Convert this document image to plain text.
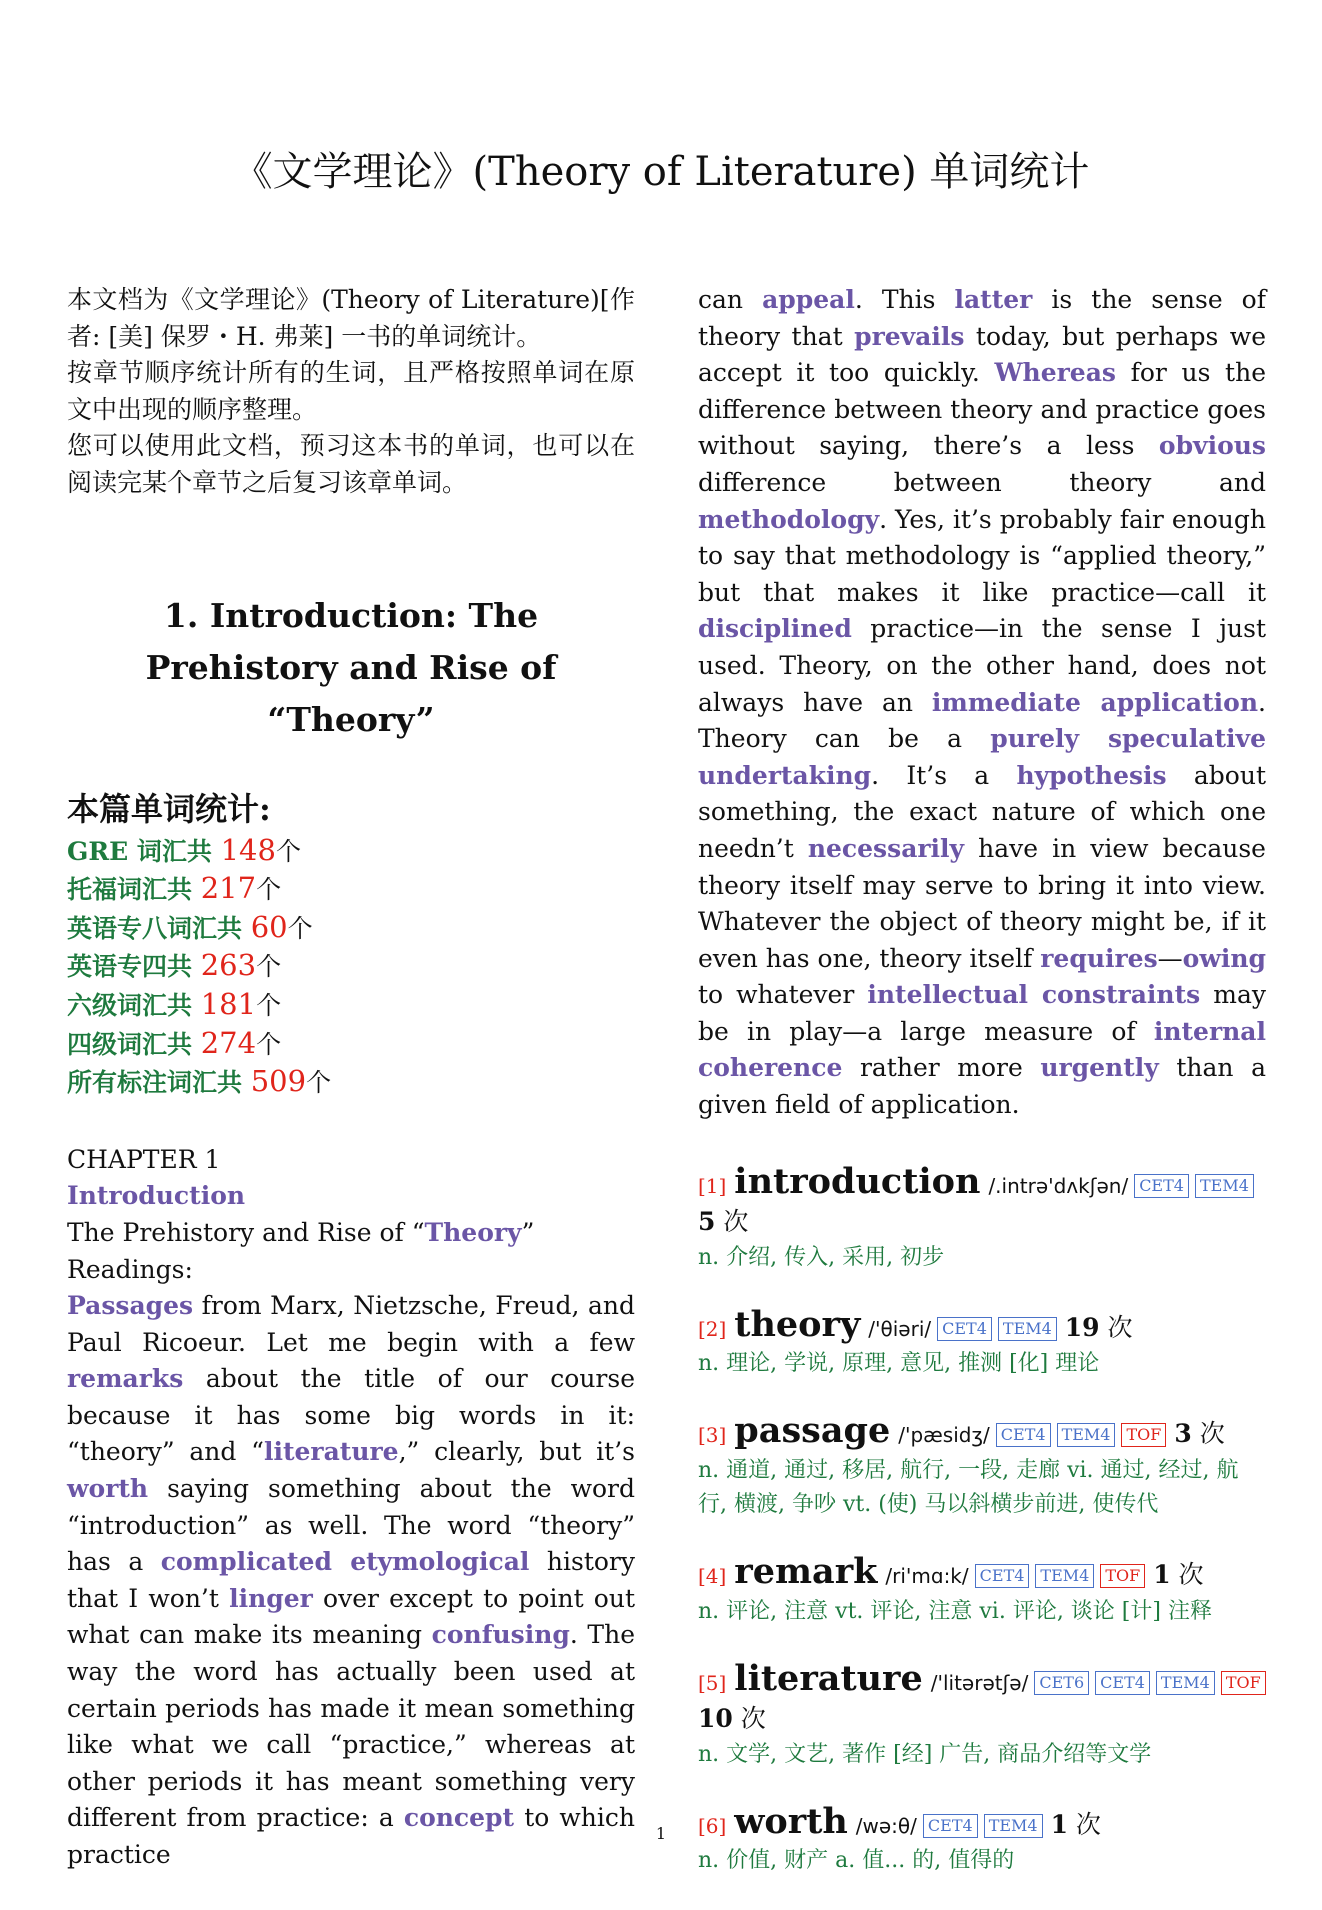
《文学理论》(Theory of Literature) 单词统计

本文档为《文学理论》(Theory of Literature)[作者: [美] 保罗・H. 弗莱] 一书的单词统计。

按章节顺序统计所有的生词，且严格按照单词在原文中出现的顺序整理。

您可以使用此文档，预习这本书的单词，也可以在阅读完某个章节之后复习该章单词。

1. Introduction: The Prehistory and Rise of “Theory”
本篇单词统计:
GRE 词汇共 148个
托福词汇共 217个
英语专八词汇共 60个
英语专四共 263个
六级词汇共 181个
四级词汇共 274个
所有标注词汇共 509个
CHAPTER 1
Introduction
The Prehistory and Rise of “Theory”
Readings:
Passages from Marx, Nietzsche, Freud, and Paul Ricoeur. Let me begin with a few remarks about the title of our course because it has some big words in it: “theory” and “literature,” clearly, but it’s worth saying something about the word “introduction” as well. The word “theory” has a complicated etymological history that I won’t linger over except to point out what can make its meaning confusing. The way the word has actually been used at certain periods has made it mean something like what we call “practice,” whereas at other periods it has meant something very different from practice: a concept to which practice
can appeal. This latter is the sense of theory that prevails today, but perhaps we accept it too quickly. Whereas for us the difference between theory and practice goes without saying, there’s a less obvious difference between theory and methodology. Yes, it’s probably fair enough to say that methodology is “applied theory,” but that makes it like practice—call it disciplined practice—in the sense I just used. Theory, on the other hand, does not always have an immediate application. Theory can be a purely speculative undertaking. It’s a hypothesis about something, the exact nature of which one needn’t necessarily have in view because theory itself may serve to bring it into view. Whatever the object of theory might be, if it even has one, theory itself requires—owing to whatever intellectual constraints may be in play—a large measure of internal coherence rather more urgently than a given field of application.
[1] introduction /.intrə'dʌkʃən/ CET4 TEM4 5 次
n. 介绍, 传入, 采用, 初步
[2] theory /'θiəri/ CET4 TEM4 19 次
n. 理论, 学说, 原理, 意见, 推测 [化] 理论
[3] passage /'pæsidʒ/ CET4 TEM4 TOF 3 次
n. 通道, 通过, 移居, 航行, 一段, 走廊 vi. 通过, 经过, 航行, 横渡, 争吵 vt. (使) 马以斜横步前进, 使传代
[4] remark /ri'mɑ:k/ CET4 TEM4 TOF 1 次
n. 评论, 注意 vt. 评论, 注意 vi. 评论, 谈论 [计] 注释
[5] literature /'litərətʃə/ CET6 CET4 TEM4 TOF 10 次
n. 文学, 文艺, 著作 [经] 广告, 商品介绍等文学
[6] worth /wə:θ/ CET4 TEM4 1 次
n. 价值, 财产 a. 值... 的, 值得的
1
